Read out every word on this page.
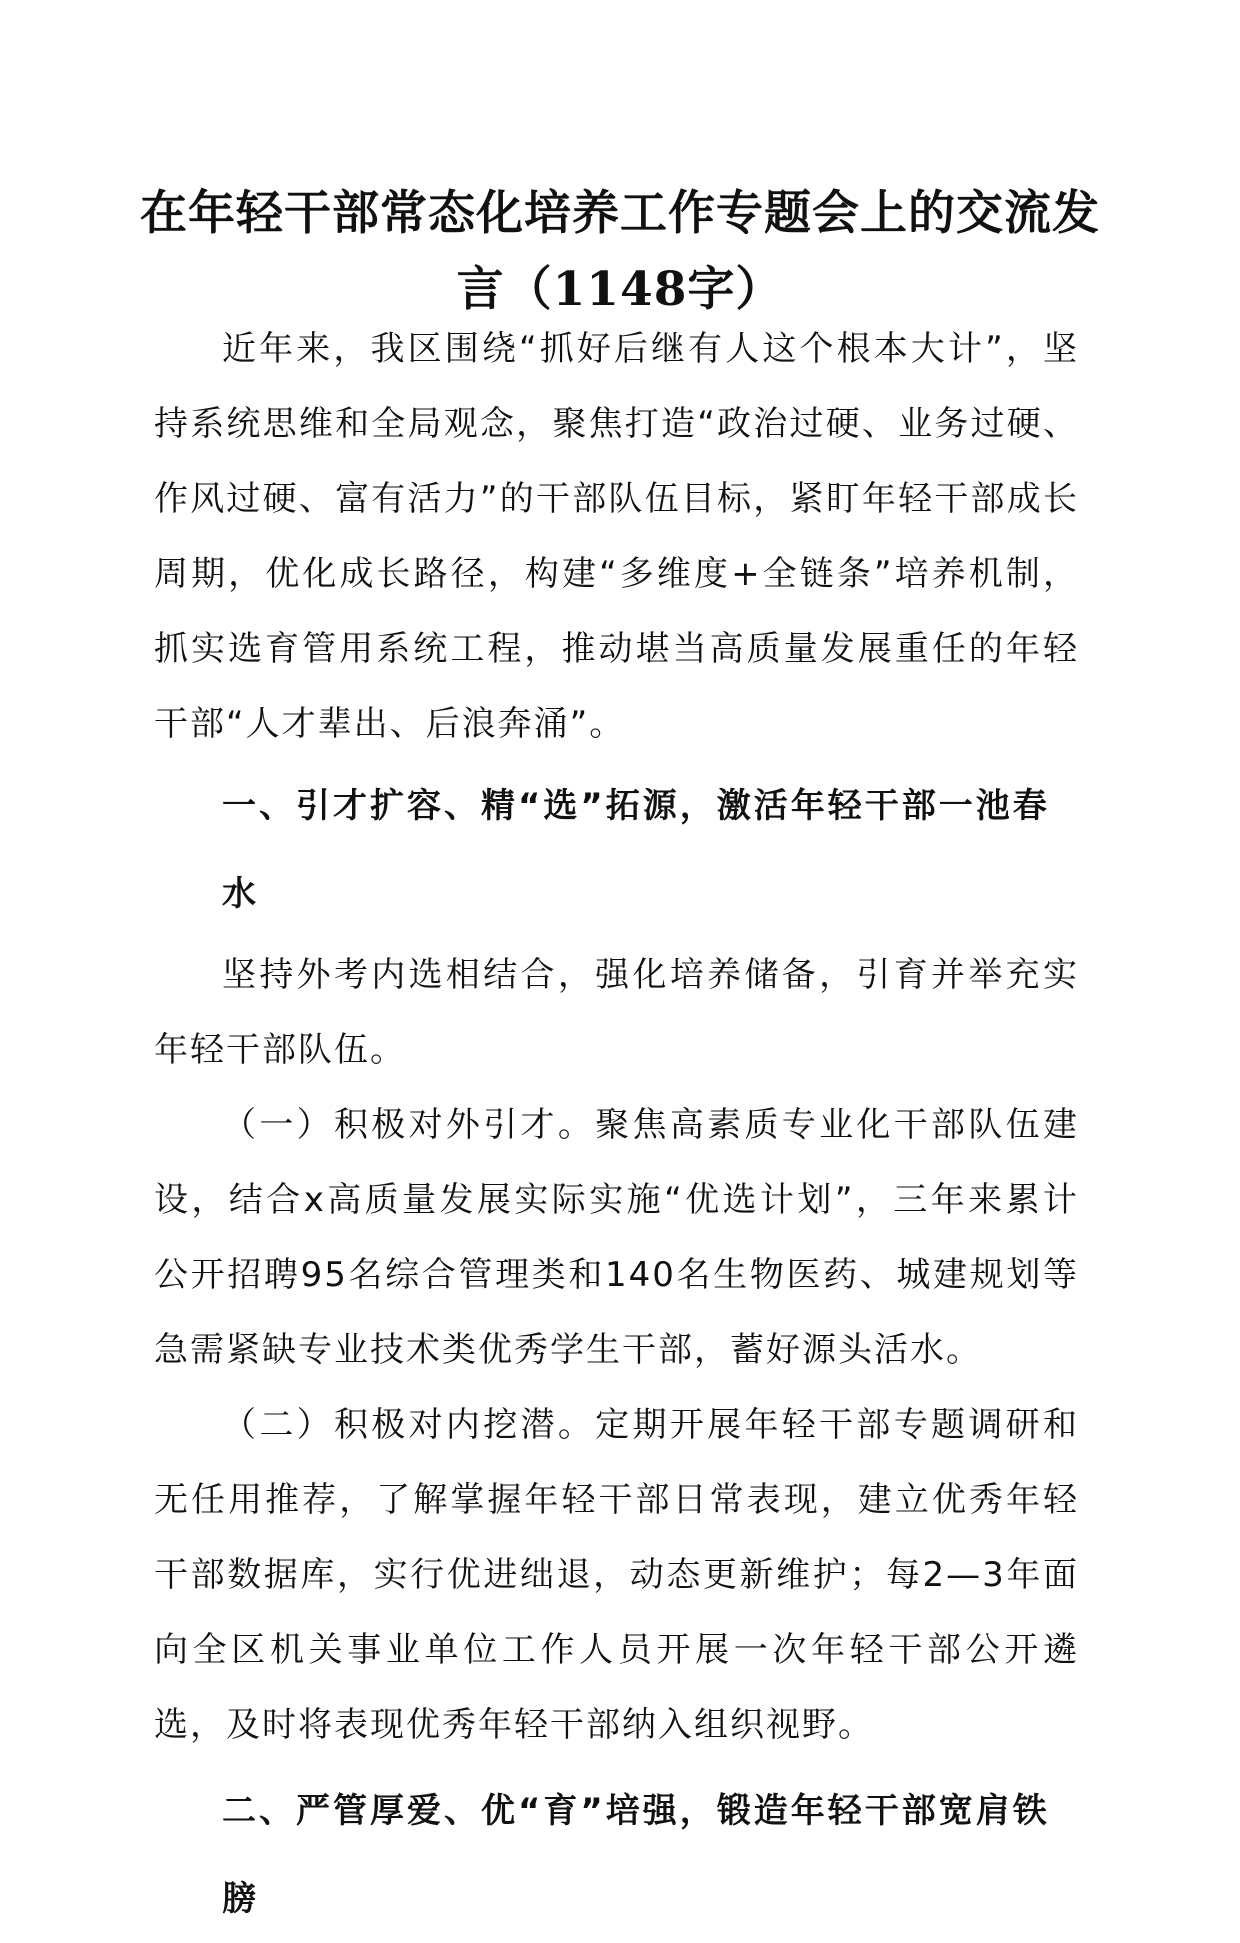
在年轻干部常态化培养工作专题会上的交流发
言（1148字）

近年来，我区围绕“抓好后继有人这个根本大计”，坚持系统思维和全局观念，聚焦打造“政治过硬、业务过硬、作风过硬、富有活力”的干部队伍目标，紧盯年轻干部成长周期，优化成长路径，构建“多维度+全链条”培养机制，抓实选育管用系统工程，推动堪当高质量发展重任的年轻干部“人才辈出、后浪奔涌”。

一、引才扩容、精“选”拓源，激活年轻干部一池春水

坚持外考内选相结合，强化培养储备，引育并举充实年轻干部队伍。

（一）积极对外引才。聚焦高素质专业化干部队伍建设，结合x高质量发展实际实施“优选计划”，三年来累计公开招聘95名综合管理类和140名生物医药、城建规划等急需紧缺专业技术类优秀学生干部，蓄好源头活水。

（二）积极对内挖潜。定期开展年轻干部专题调研和无任用推荐，了解掌握年轻干部日常表现，建立优秀年轻干部数据库，实行优进绌退，动态更新维护；每2—3年面向全区机关事业单位工作人员开展一次年轻干部公开遴选，及时将表现优秀年轻干部纳入组织视野。

二、严管厚爱、优“育”培强，锻造年轻干部宽肩铁膀
